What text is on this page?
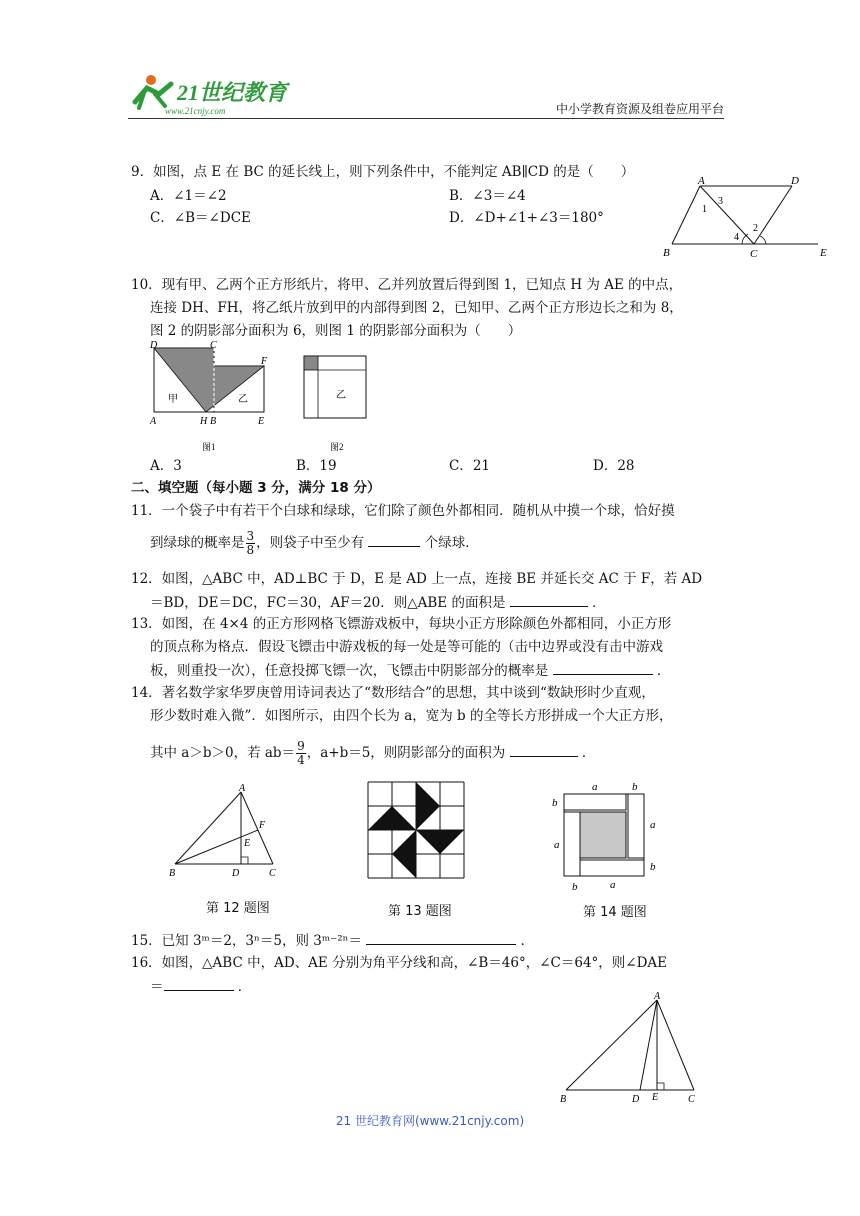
21世纪教育
www.21cnjy.com	中小学教育资源及组卷应用平台
9．如图，点 E 在 BC 的延长线上，则下列条件中，不能判定 AB∥CD 的是（　　）
A．∠1＝∠2	B．∠3＝∠4
C．∠B＝∠DCE	D．∠D+∠1+∠3＝180°
A	D
B	C	E
1
3
2
4
10．现有甲、乙两个正方形纸片，将甲、乙并列放置后得到图 1，已知点 H 为 AE 的中点，
连接 DH、FH，将乙纸片放到甲的内部得到图 2，已知甲、乙两个正方形边长之和为 8，
图 2 的阴影部分面积为 6，则图 1 的阴影部分面积为（　　）
D	C
F
A	H B	E
甲	乙
图1
乙
图2
A．3	B．19	C．21	D．28
二、填空题（每小题 3 分，满分 18 分）
11．一个袋子中有若干个白球和绿球，它们除了颜色外都相同．随机从中摸一个球，恰好摸
到绿球的概率是 $\frac{3}{8}$ ，则袋子中至少有	个绿球．
12．如图，△ABC 中，AD⊥BC 于 D，E 是 AD 上一点，连接 BE 并延长交 AC 于 F，若 AD
＝BD，DE＝DC，FC＝30，AF＝20．则△ABE 的面积是	．
13．如图，在 4×4 的正方形网格飞镖游戏板中，每块小正方形除颜色外都相同，小正方形
的顶点称为格点．假设飞镖击中游戏板的每一处是等可能的（击中边界或没有击中游戏
板，则重投一次），任意投掷飞镖一次，飞镖击中阴影部分的概率是	．
14．著名数学家华罗庚曾用诗词表达了“数形结合”的思想，其中谈到“数缺形时少直观，
形少数时难入微”．如图所示，由四个长为 a，宽为 b 的全等长方形拼成一个大正方形，
其中 a＞b＞0，若 $ab= \frac{9}{4}$ ，a+b＝5，则阴影部分的面积为	．
A
B	C
D
E
F
第 12 题图	第 13 题图
a	b
b
a
a
b
b	a
第 14 题图
15．已知 3ᵐ＝2，3ⁿ＝5，则 3ᵐ⁻²ⁿ＝	．
16．如图，△ABC 中，AD、AE 分别为角平分线和高，∠B＝46°，∠C＝64°，则∠DAE
＝	．
A
B	C
D E
21 世纪教育网(www.21cnjy.com)
